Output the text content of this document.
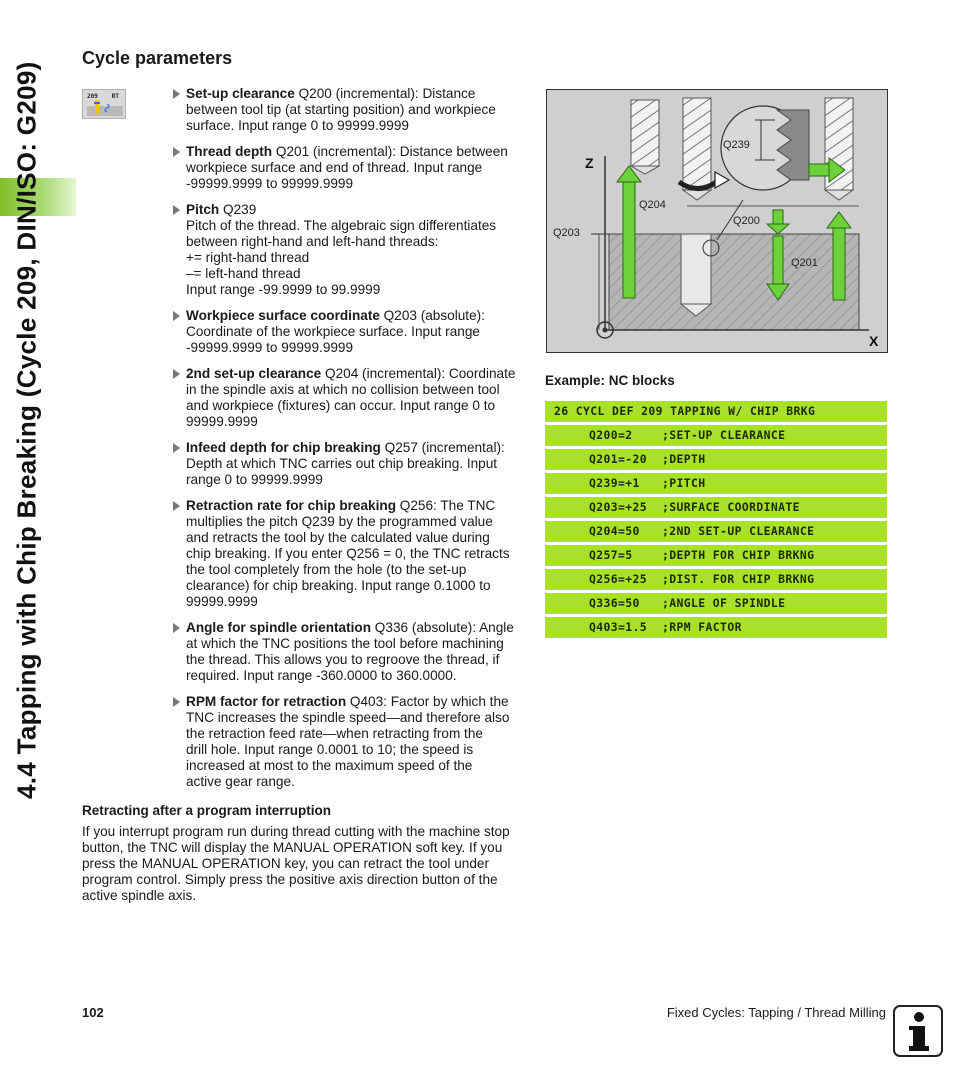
4.4 Tapping with Chip Breaking (Cycle 209, DIN/ISO: G209)
Cycle parameters
209 RT	Set-up clearance Q200 (incremental): Distance
between tool tip (at starting position) and workpiece
surface. Input range 0 to 99999.9999
Thread depth Q201 (incremental): Distance between
workpiece surface and end of thread. Input range
-99999.9999 to 99999.9999
Pitch Q239
Pitch of the thread. The algebraic sign differentiates
between right-hand and left-hand threads:
+= right-hand thread
–= left-hand thread
Input range -99.9999 to 99.9999
Workpiece surface coordinate Q203 (absolute):
Coordinate of the workpiece surface. Input range
-99999.9999 to 99999.9999
2nd set-up clearance Q204 (incremental): Coordinate
in the spindle axis at which no collision between tool
and workpiece (fixtures) can occur. Input range 0 to
99999.9999
Infeed depth for chip breaking Q257 (incremental):
Depth at which TNC carries out chip breaking. Input
range 0 to 99999.9999
Retraction rate for chip breaking Q256: The TNC
multiplies the pitch Q239 by the programmed value
and retracts the tool by the calculated value during
chip breaking. If you enter Q256 = 0, the TNC retracts
the tool completely from the hole (to the set-up
clearance) for chip breaking. Input range 0.1000 to
99999.9999
Angle for spindle orientation Q336 (absolute): Angle
at which the TNC positions the tool before machining
the thread. This allows you to regroove the thread, if
required. Input range -360.0000 to 360.0000.
RPM factor for retraction Q403: Factor by which the
TNC increases the spindle speed—and therefore also
the retraction feed rate—when retracting from the
drill hole. Input range 0.0001 to 10; the speed is
increased at most to the maximum speed of the
active gear range.
Retracting after a program interruption

If you interrupt program run during thread cutting with the machine stop button, the TNC will display the MANUAL OPERATION soft key. If you press the MANUAL OPERATION key, you can retract the tool under program control. Simply press the positive axis direction button of the active spindle axis.

Q239
Z
Q204
Q200
Q203
Q201
X
Example: NC blocks
26 CYCL DEF 209 TAPPING W/ CHIP BRKG
Q200=2	;SET-UP CLEARANCE
Q201=-20 ;DEPTH
Q239=+1 ;PITCH
Q203=+25 ;SURFACE COORDINATE
Q204=50 ;2ND SET-UP CLEARANCE
Q257=5	;DEPTH FOR CHIP BRKNG
Q256=+25 ;DIST. FOR CHIP BRKNG
Q336=50 ;ANGLE OF SPINDLE
Q403=1.5 ;RPM FACTOR
102	Fixed Cycles: Tapping / Thread Milling
